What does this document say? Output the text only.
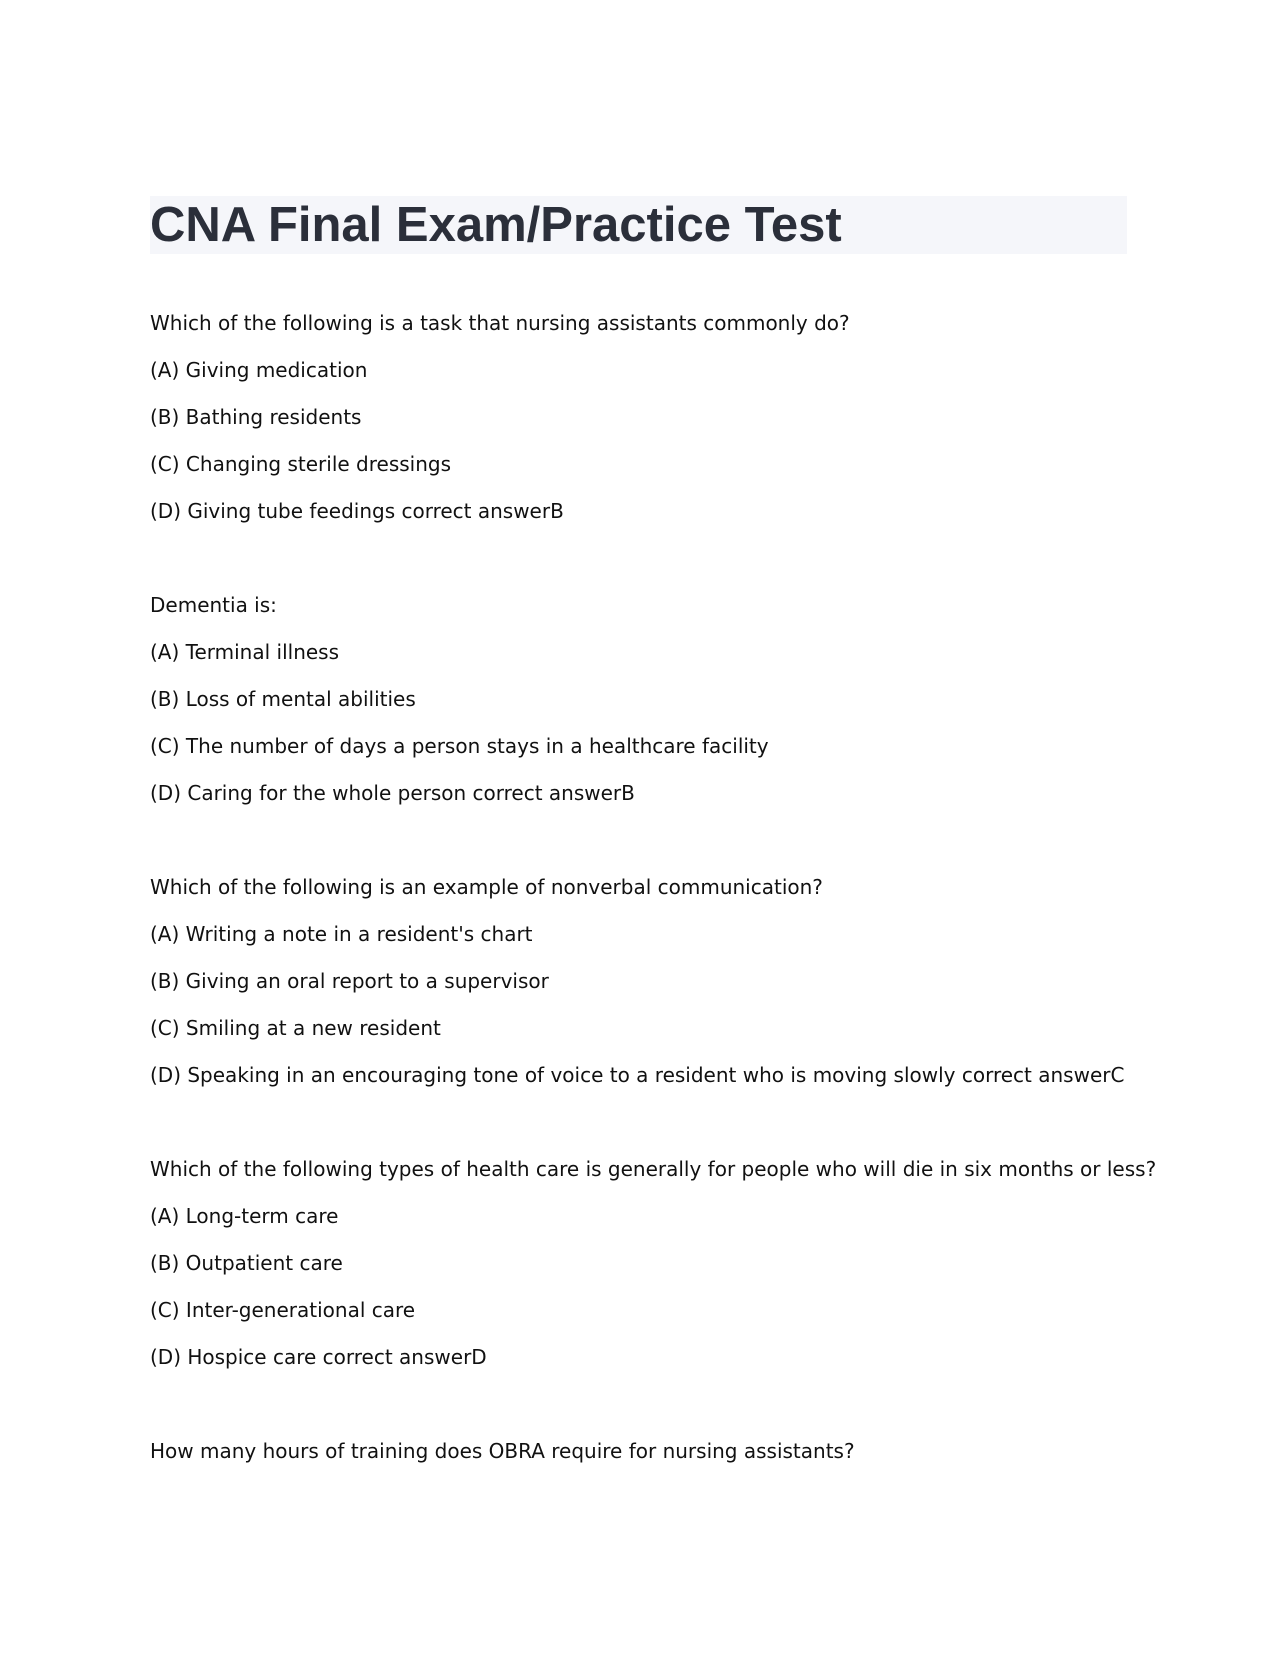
CNA Final Exam/Practice Test

Which of the following is a task that nursing assistants commonly do?

(A) Giving medication

(B) Bathing residents

(C) Changing sterile dressings

(D) Giving tube feedings correct answerB

Dementia is:

(A) Terminal illness

(B) Loss of mental abilities

(C) The number of days a person stays in a healthcare facility

(D) Caring for the whole person correct answerB

Which of the following is an example of nonverbal communication?

(A) Writing a note in a resident's chart

(B) Giving an oral report to a supervisor

(C) Smiling at a new resident

(D) Speaking in an encouraging tone of voice to a resident who is moving slowly correct answerC

Which of the following types of health care is generally for people who will die in six months or less?

(A) Long-term care

(B) Outpatient care

(C) Inter-generational care

(D) Hospice care correct answerD

How many hours of training does OBRA require for nursing assistants?
